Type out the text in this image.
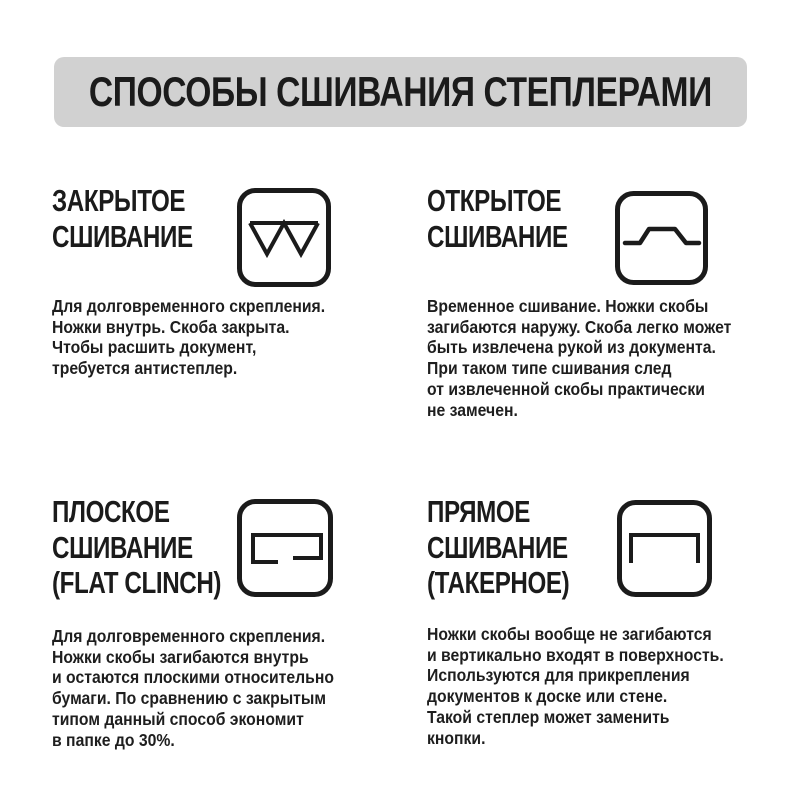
СПОСОБЫ СШИВАНИЯ СТЕПЛЕРАМИ
ЗАКРЫТОЕ
СШИВАНИЕ
Для долговременного скрепления.
Ножки внутрь. Скоба закрыта.
Чтобы расшить документ,
требуется антистеплер.
ОТКРЫТОЕ
СШИВАНИЕ
Временное сшивание. Ножки скобы
загибаются наружу. Скоба легко может
быть извлечена рукой из документа.
При таком типе сшивания след
от извлеченной скобы практически
не замечен.
ПЛОСКОЕ
СШИВАНИЕ
(FLAT CLINCH)
Для долговременного скрепления.
Ножки скобы загибаются внутрь
и остаются плоскими относительно
бумаги. По сравнению с закрытым
типом данный способ экономит
в папке до 30%.
ПРЯМОЕ
СШИВАНИЕ
(ТАКЕРНОЕ)
Ножки скобы вообще не загибаются
и вертикально входят в поверхность.
Используются для прикрепления
документов к доске или стене.
Такой степлер может заменить
кнопки.
